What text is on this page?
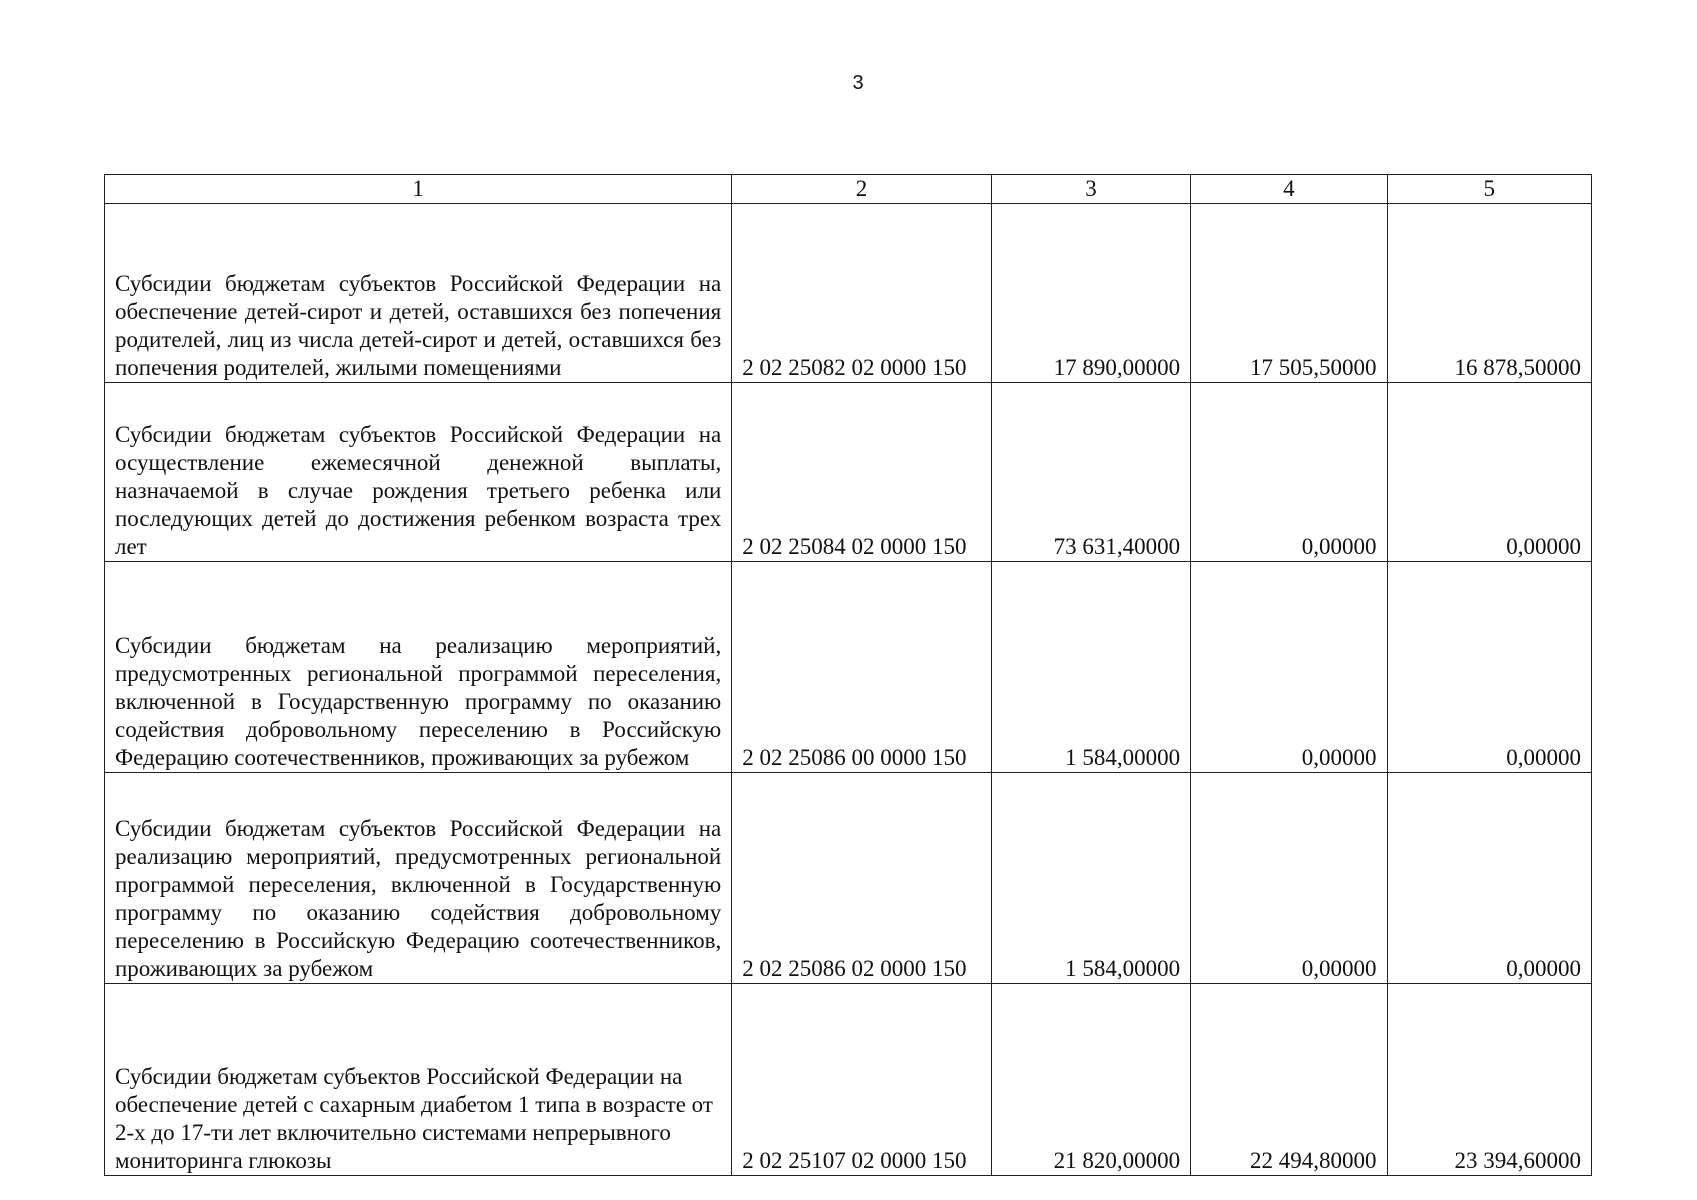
3
1	2	3	4	5
Субсидии бюджетам субъектов Российской Федерации на обеспечение детей-сирот и детей, оставшихся без попечения родителей, лиц из числа детей-сирот и детей, оставшихся без попечения родителей, жилыми помещениями	2 02 25082 02 0000 150	17 890,00000	17 505,50000	16 878,50000
Субсидии бюджетам субъектов Российской Федерации на осуществление ежемесячной денежной выплаты, назначаемой в случае рождения третьего ребенка или последующих детей до достижения ребенком возраста трех лет	2 02 25084 02 0000 150	73 631,40000	0,00000	0,00000
Субсидии бюджетам на реализацию мероприятий, предусмотренных региональной программой переселения, включенной в Государственную программу по оказанию содействия добровольному переселению в Российскую Федерацию соотечественников, проживающих за рубежом	2 02 25086 00 0000 150	1 584,00000	0,00000	0,00000
Субсидии бюджетам субъектов Российской Федерации на реализацию мероприятий, предусмотренных региональной программой переселения, включенной в Государственную программу по оказанию содействия добровольному переселению в Российскую Федерацию соотечественников, проживающих за рубежом	2 02 25086 02 0000 150	1 584,00000	0,00000	0,00000
Субсидии бюджетам субъектов Российской Федерации на обеспечение детей с сахарным диабетом 1 типа в возрасте от 2-х до 17-ти лет включительно системами непрерывного мониторинга глюкозы	2 02 25107 02 0000 150	21 820,00000	22 494,80000	23 394,60000
